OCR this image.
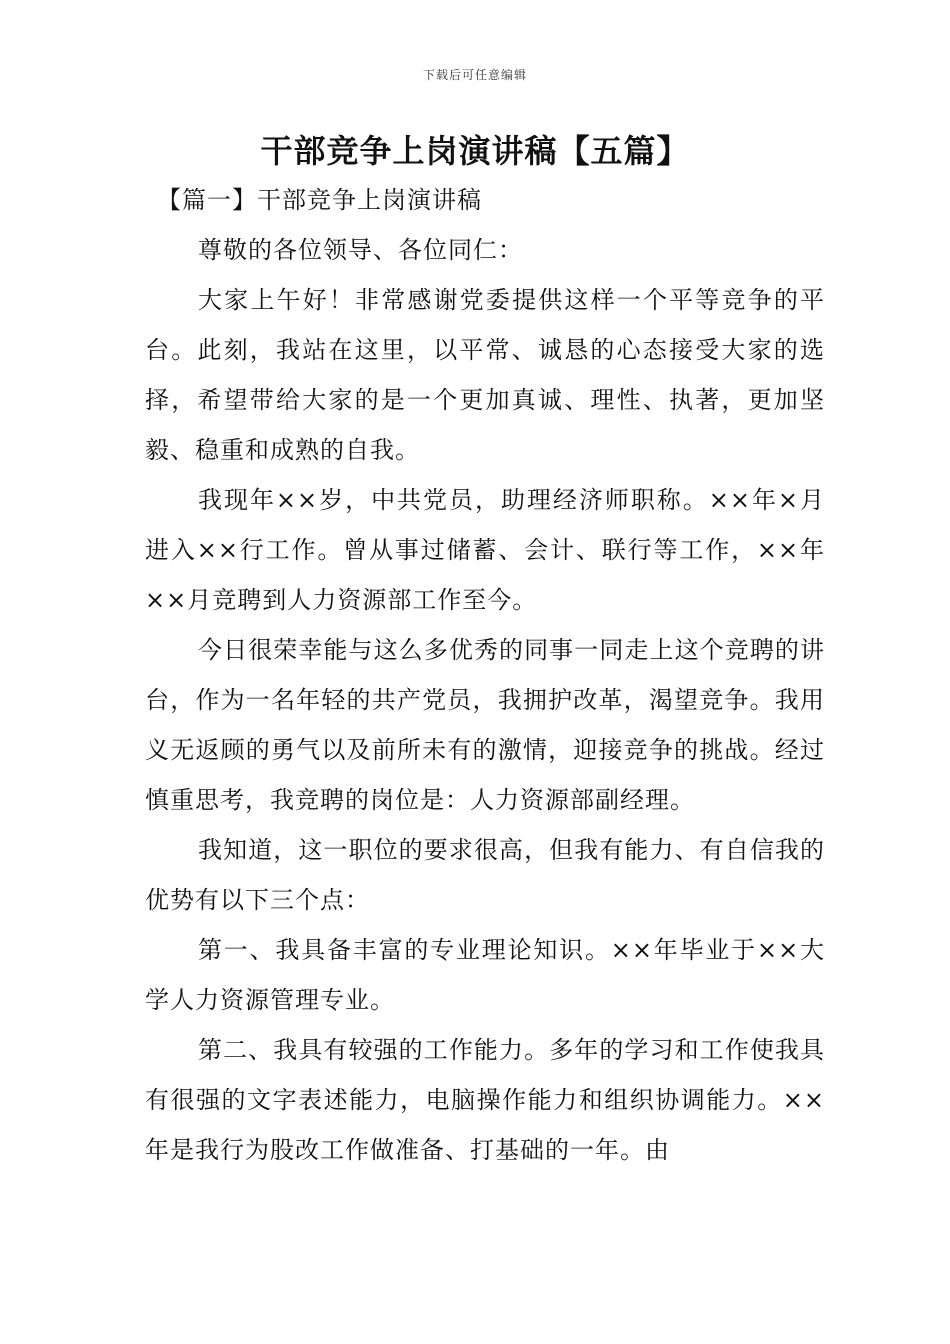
下载后可任意编辑
干部竞争上岗演讲稿【五篇】
【篇一】干部竞争上岗演讲稿

尊敬的各位领导、各位同仁：

大家上午好！非常感谢党委提供这样一个平等竞争的平台。此刻，我站在这里，以平常、诚恳的心态接受大家的选择，希望带给大家的是一个更加真诚、理性、执著，更加坚毅、稳重和成熟的自我。

我现年××岁，中共党员，助理经济师职称。××年×月进入××行工作。曾从事过储蓄、会计、联行等工作，××年××月竞聘到人力资源部工作至今。

今日很荣幸能与这么多优秀的同事一同走上这个竞聘的讲台，作为一名年轻的共产党员，我拥护改革，渴望竞争。我用义无返顾的勇气以及前所未有的激情，迎接竞争的挑战。经过慎重思考，我竞聘的岗位是：人力资源部副经理。

我知道，这一职位的要求很高，但我有能力、有自信我的优势有以下三个点：

第一、我具备丰富的专业理论知识。××年毕业于××大学人力资源管理专业。

第二、我具有较强的工作能力。多年的学习和工作使我具有很强的文字表述能力，电脑操作能力和组织协调能力。××年是我行为股改工作做准备、打基础的一年。由
